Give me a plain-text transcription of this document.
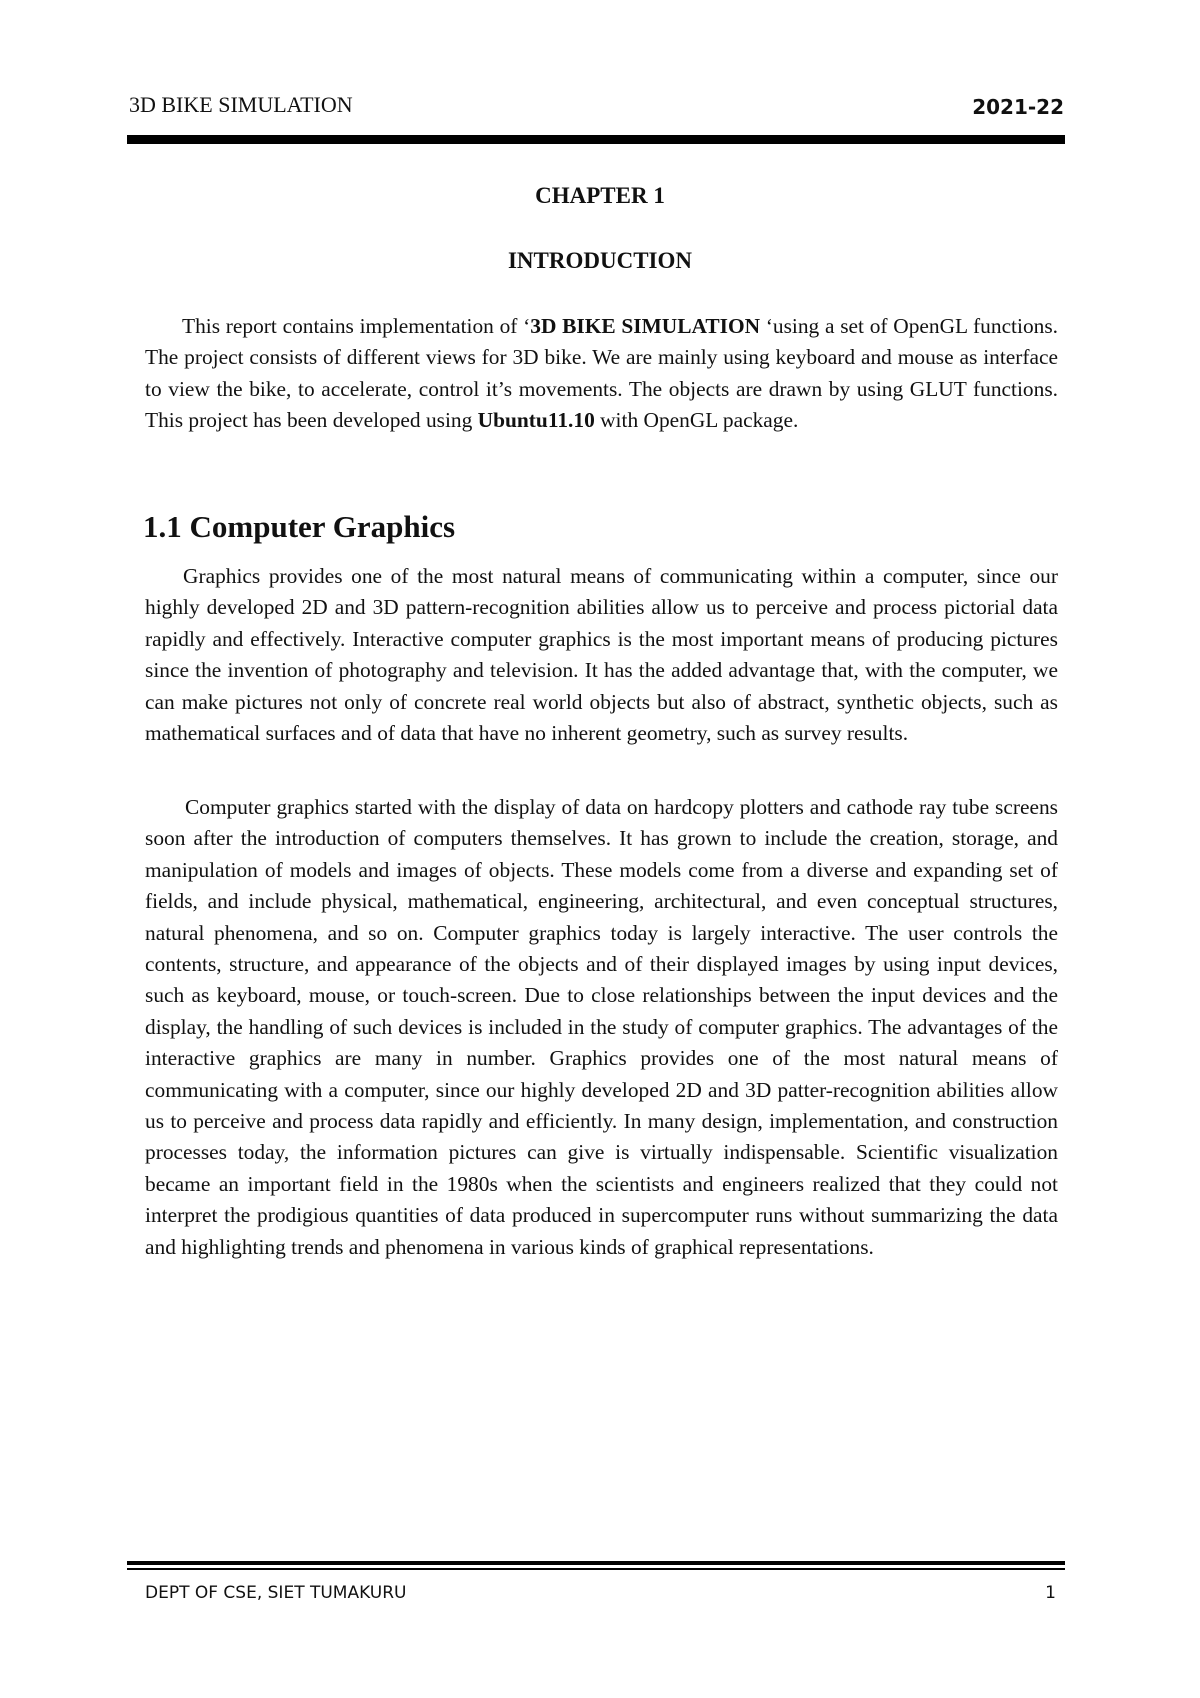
3D BIKE SIMULATION	2021-22
CHAPTER 1
INTRODUCTION

This report contains implementation of ‘3D BIKE SIMULATION ‘using a set of OpenGL functions. The project consists of different views for 3D bike. We are mainly using keyboard and mouse as interface to view the bike, to accelerate, control it’s movements. The objects are drawn by using GLUT functions. This project has been developed using Ubuntu11.10 with OpenGL package.

1.1 Computer Graphics

Graphics provides one of the most natural means of communicating within a computer, since our highly developed 2D and 3D pattern-recognition abilities allow us to perceive and process pictorial data rapidly and effectively. Interactive computer graphics is the most important means of producing pictures since the invention of photography and television. It has the added advantage that, with the computer, we can make pictures not only of concrete real world objects but also of abstract, synthetic objects, such as mathematical surfaces and of data that have no inherent geometry, such as survey results.

Computer graphics started with the display of data on hardcopy plotters and cathode ray tube screens soon after the introduction of computers themselves. It has grown to include the creation, storage, and manipulation of models and images of objects. These models come from a diverse and expanding set of fields, and include physical, mathematical, engineering, architectural, and even conceptual structures, natural phenomena, and so on. Computer graphics today is largely interactive. The user controls the contents, structure, and appearance of the objects and of their displayed images by using input devices, such as keyboard, mouse, or touch-screen. Due to close relationships between the input devices and the display, the handling of such devices is included in the study of computer graphics. The advantages of the interactive graphics are many in number. Graphics provides one of the most natural means of communicating with a computer, since our highly developed 2D and 3D patter-recognition abilities allow us to perceive and process data rapidly and efficiently. In many design, implementation, and construction processes today, the information pictures can give is virtually indispensable. Scientific visualization became an important field in the 1980s when the scientists and engineers realized that they could not interpret the prodigious quantities of data produced in supercomputer runs without summarizing the data and highlighting trends and phenomena in various kinds of graphical representations.

DEPT OF CSE, SIET TUMAKURU	1
